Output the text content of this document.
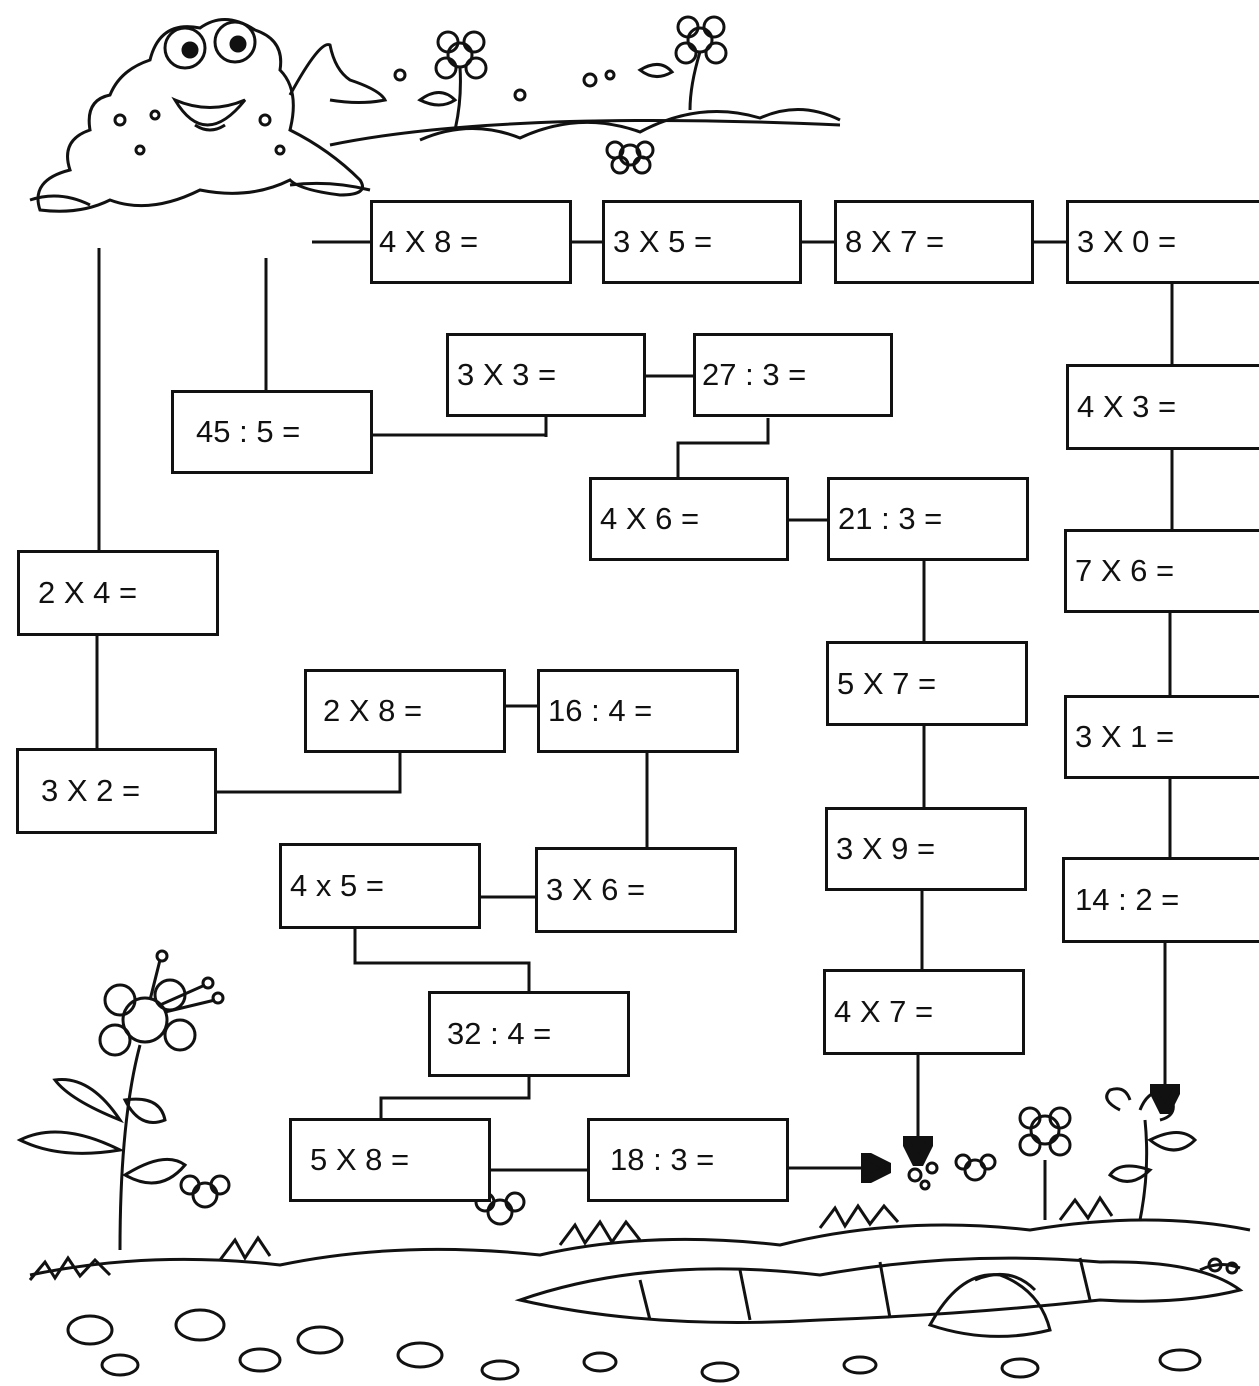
4 X 8 =	3 X 5 =	8 X 7 =	3 X 0 =
3 X 3 =	27 : 3 =
45 : 5 =
4 X 3 =
4 X 6 =	21 : 3 =
7 X 6 =
2 X 4 =
2 X 8 =	16 : 4 =
5 X 7 =
3 X 1 =
3 X 2 =
4 x 5 =	3 X 6 =
3 X 9 =
14 : 2 =
32 : 4 =
4 X 7 =
5 X 8 =	18 : 3 =
